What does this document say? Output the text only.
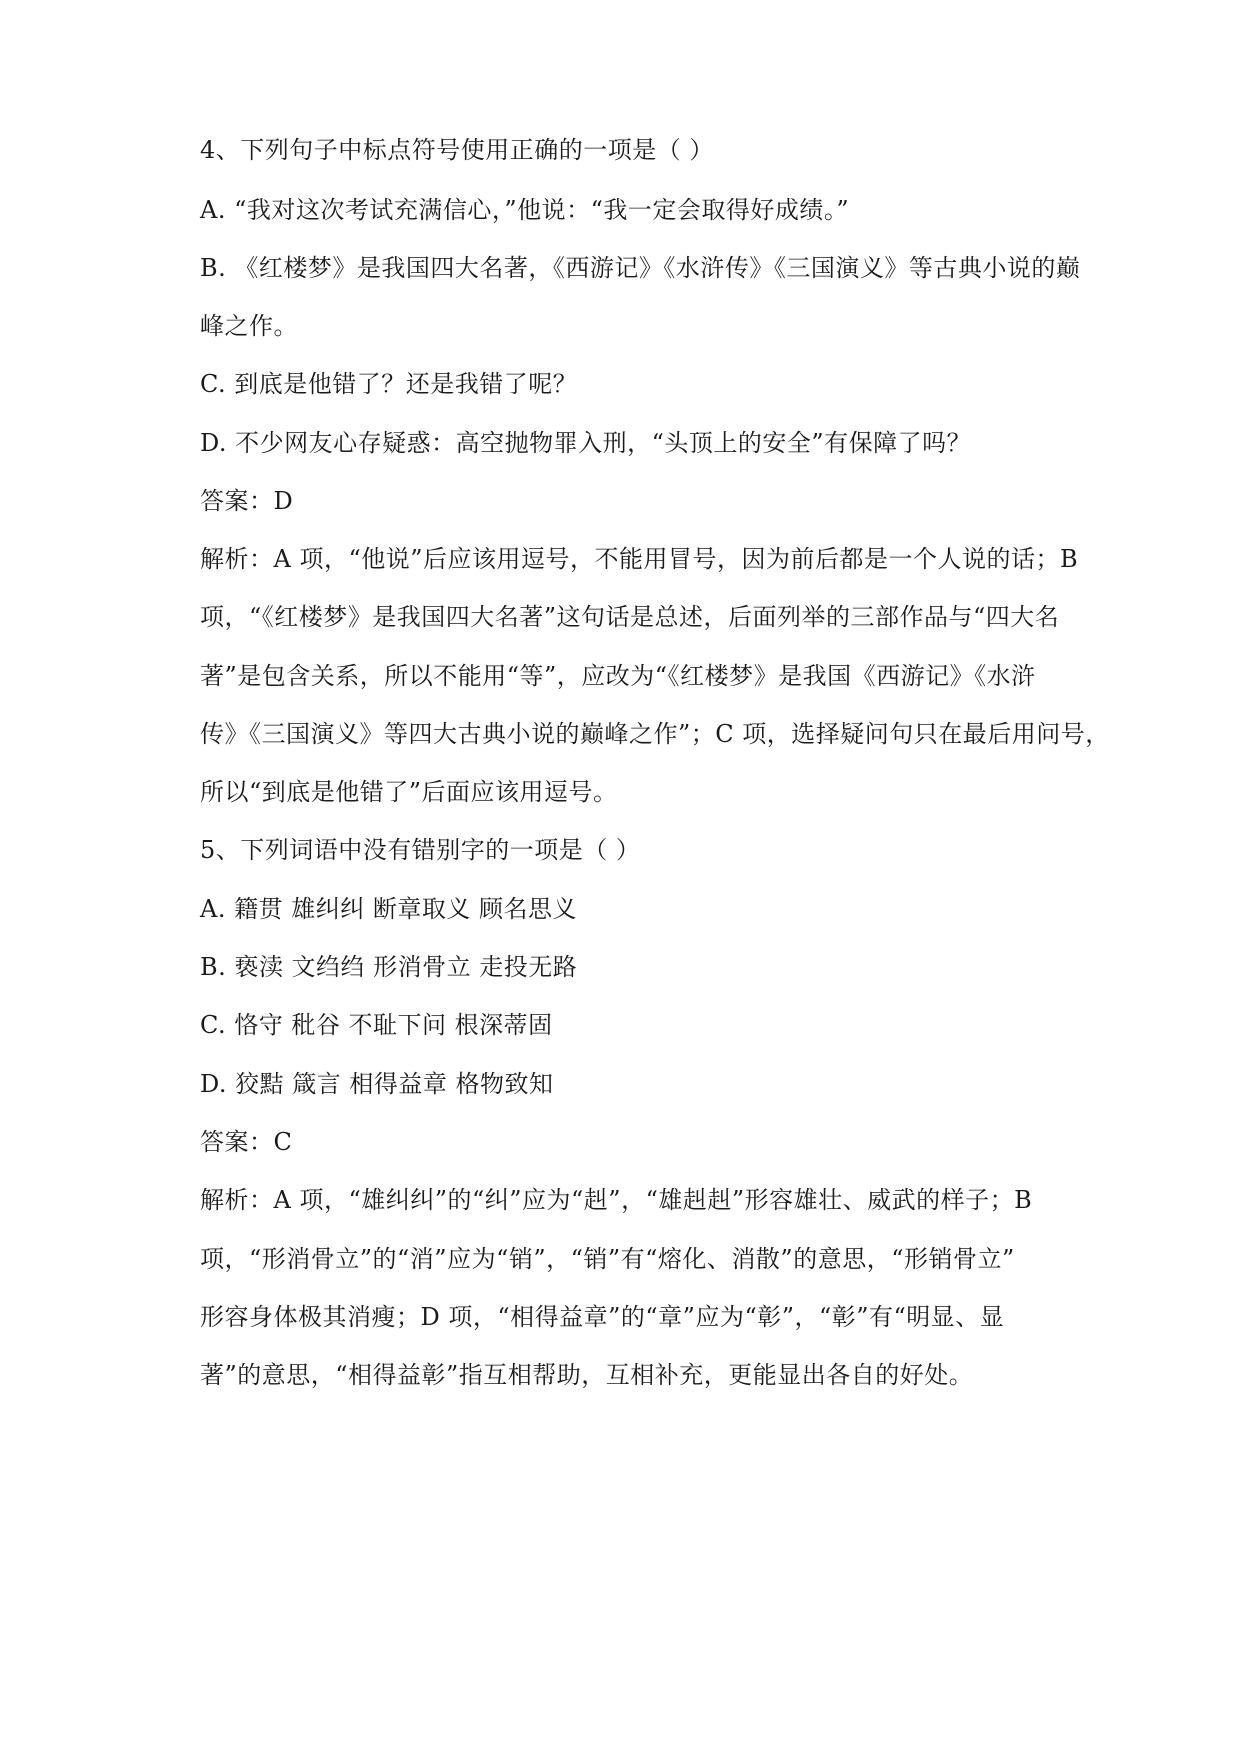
4、下列句子中标点符号使用正确的一项是（ ）
A. “我对这次考试充满信心，”他说：“我一定会取得好成绩。”
B. 《红楼梦》是我国四大名著，《西游记》《水浒传》《三国演义》等古典小说的巅
峰之作。
C. 到底是他错了？还是我错了呢？
D. 不少网友心存疑惑：高空抛物罪入刑，“头顶上的安全”有保障了吗？
答案：D
解析：A 项，“他说”后应该用逗号，不能用冒号，因为前后都是一个人说的话；B
项，“《红楼梦》是我国四大名著”这句话是总述，后面列举的三部作品与“四大名
著”是包含关系，所以不能用“等”，应改为“《红楼梦》是我国《西游记》《水浒
传》《三国演义》等四大古典小说的巅峰之作”；C 项，选择疑问句只在最后用问号，
所以“到底是他错了”后面应该用逗号。
5、下列词语中没有错别字的一项是（ ）
A. 籍贯 雄纠纠 断章取义 顾名思义
B. 亵渎 文绉绉 形消骨立 走投无路
C. 恪守 秕谷 不耻下问 根深蒂固
D. 狡黠 箴言 相得益章 格物致知
答案：C
解析：A 项，“雄纠纠”的“纠”应为“赳”，“雄赳赳”形容雄壮、威武的样子；B
项，“形消骨立”的“消”应为“销”，“销”有“熔化、消散”的意思，“形销骨立”
形容身体极其消瘦；D 项，“相得益章”的“章”应为“彰”，“彰”有“明显、显
著”的意思，“相得益彰”指互相帮助，互相补充，更能显出各自的好处。
